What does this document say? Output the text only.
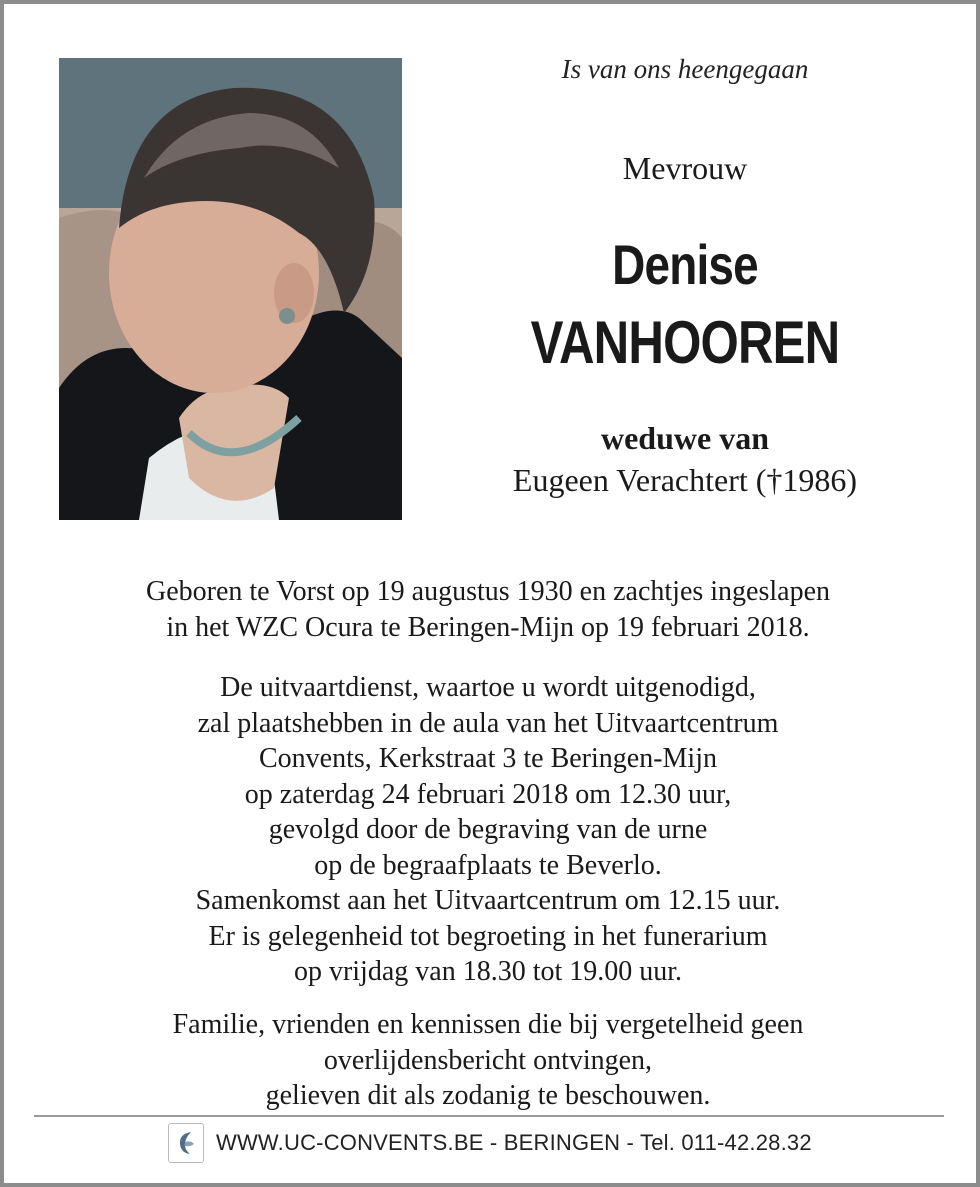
Is van ons heengegaan
Mevrouw
Denise
VANHOOREN
weduwe van
Eugeen Verachtert (†1986)
Geboren te Vorst op 19 augustus 1930 en zachtjes ingeslapen
in het WZC Ocura te Beringen-Mijn op 19 februari 2018.
De uitvaartdienst, waartoe u wordt uitgenodigd,
zal plaatshebben in de aula van het Uitvaartcentrum
Convents, Kerkstraat 3 te Beringen-Mijn
op zaterdag 24 februari 2018 om 12.30 uur,
gevolgd door de begraving van de urne
op de begraafplaats te Beverlo.
Samenkomst aan het Uitvaartcentrum om 12.15 uur.
Er is gelegenheid tot begroeting in het funerarium
op vrijdag van 18.30 tot 19.00 uur.
Familie, vrienden en kennissen die bij vergetelheid geen
overlijdensbericht ontvingen,
gelieven dit als zodanig te beschouwen.
WWW.UC-CONVENTS.BE - BERINGEN - Tel. 011-42.28.32
